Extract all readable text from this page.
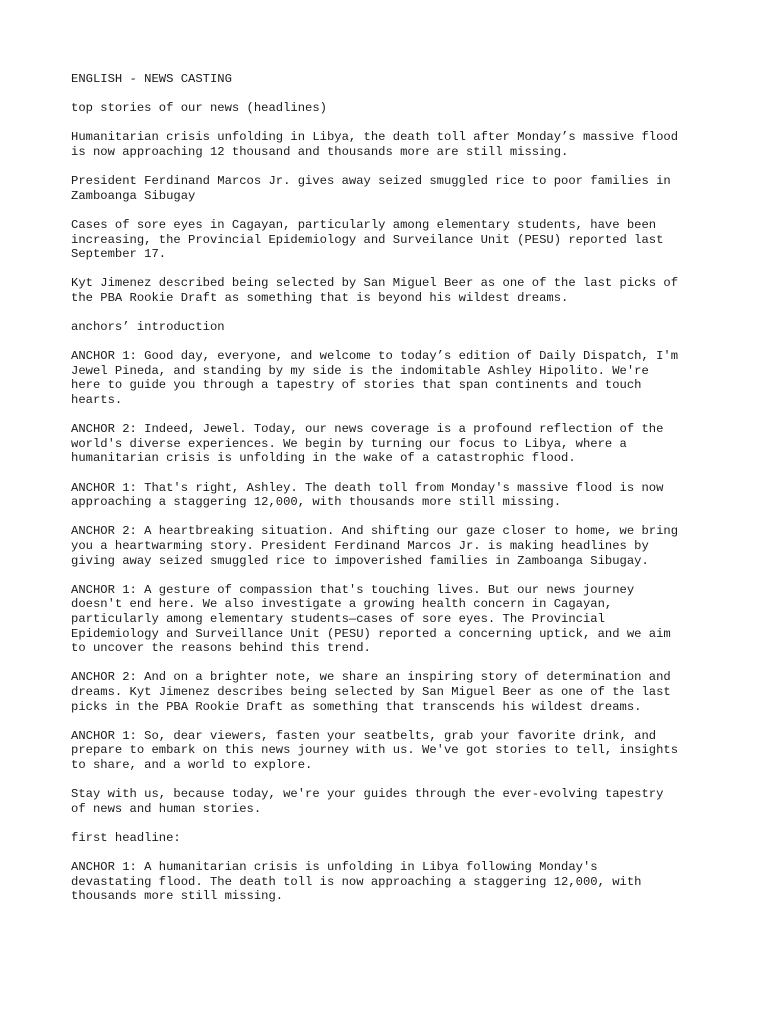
ENGLISH - NEWS CASTING

top stories of our news (headlines)

Humanitarian crisis unfolding in Libya, the death toll after Monday’s massive flood
is now approaching 12 thousand and thousands more are still missing.
President Ferdinand Marcos Jr. gives away seized smuggled rice to poor families in
Zamboanga Sibugay
Cases of sore eyes in Cagayan, particularly among elementary students, have been
increasing, the Provincial Epidemiology and Surveilance Unit (PESU) reported last
September 17.
Kyt Jimenez described being selected by San Miguel Beer as one of the last picks of
the PBA Rookie Draft as something that is beyond his wildest dreams.

anchors’ introduction

ANCHOR 1: Good day, everyone, and welcome to today’s edition of Daily Dispatch, I'm
Jewel Pineda, and standing by my side is the indomitable Ashley Hipolito. We're
here to guide you through a tapestry of stories that span continents and touch
hearts.
ANCHOR 2: Indeed, Jewel. Today, our news coverage is a profound reflection of the
world's diverse experiences. We begin by turning our focus to Libya, where a
humanitarian crisis is unfolding in the wake of a catastrophic flood.
ANCHOR 1: That's right, Ashley. The death toll from Monday's massive flood is now
approaching a staggering 12,000, with thousands more still missing.
ANCHOR 2: A heartbreaking situation. And shifting our gaze closer to home, we bring
you a heartwarming story. President Ferdinand Marcos Jr. is making headlines by
giving away seized smuggled rice to impoverished families in Zamboanga Sibugay.
ANCHOR 1: A gesture of compassion that's touching lives. But our news journey
doesn't end here. We also investigate a growing health concern in Cagayan,
particularly among elementary students—cases of sore eyes. The Provincial
Epidemiology and Surveillance Unit (PESU) reported a concerning uptick, and we aim
to uncover the reasons behind this trend.
ANCHOR 2: And on a brighter note, we share an inspiring story of determination and
dreams. Kyt Jimenez describes being selected by San Miguel Beer as one of the last
picks in the PBA Rookie Draft as something that transcends his wildest dreams.
ANCHOR 1: So, dear viewers, fasten your seatbelts, grab your favorite drink, and
prepare to embark on this news journey with us. We've got stories to tell, insights
to share, and a world to explore.
Stay with us, because today, we're your guides through the ever-evolving tapestry
of news and human stories.

first headline:

ANCHOR 1: A humanitarian crisis is unfolding in Libya following Monday's
devastating flood. The death toll is now approaching a staggering 12,000, with
thousands more still missing.
